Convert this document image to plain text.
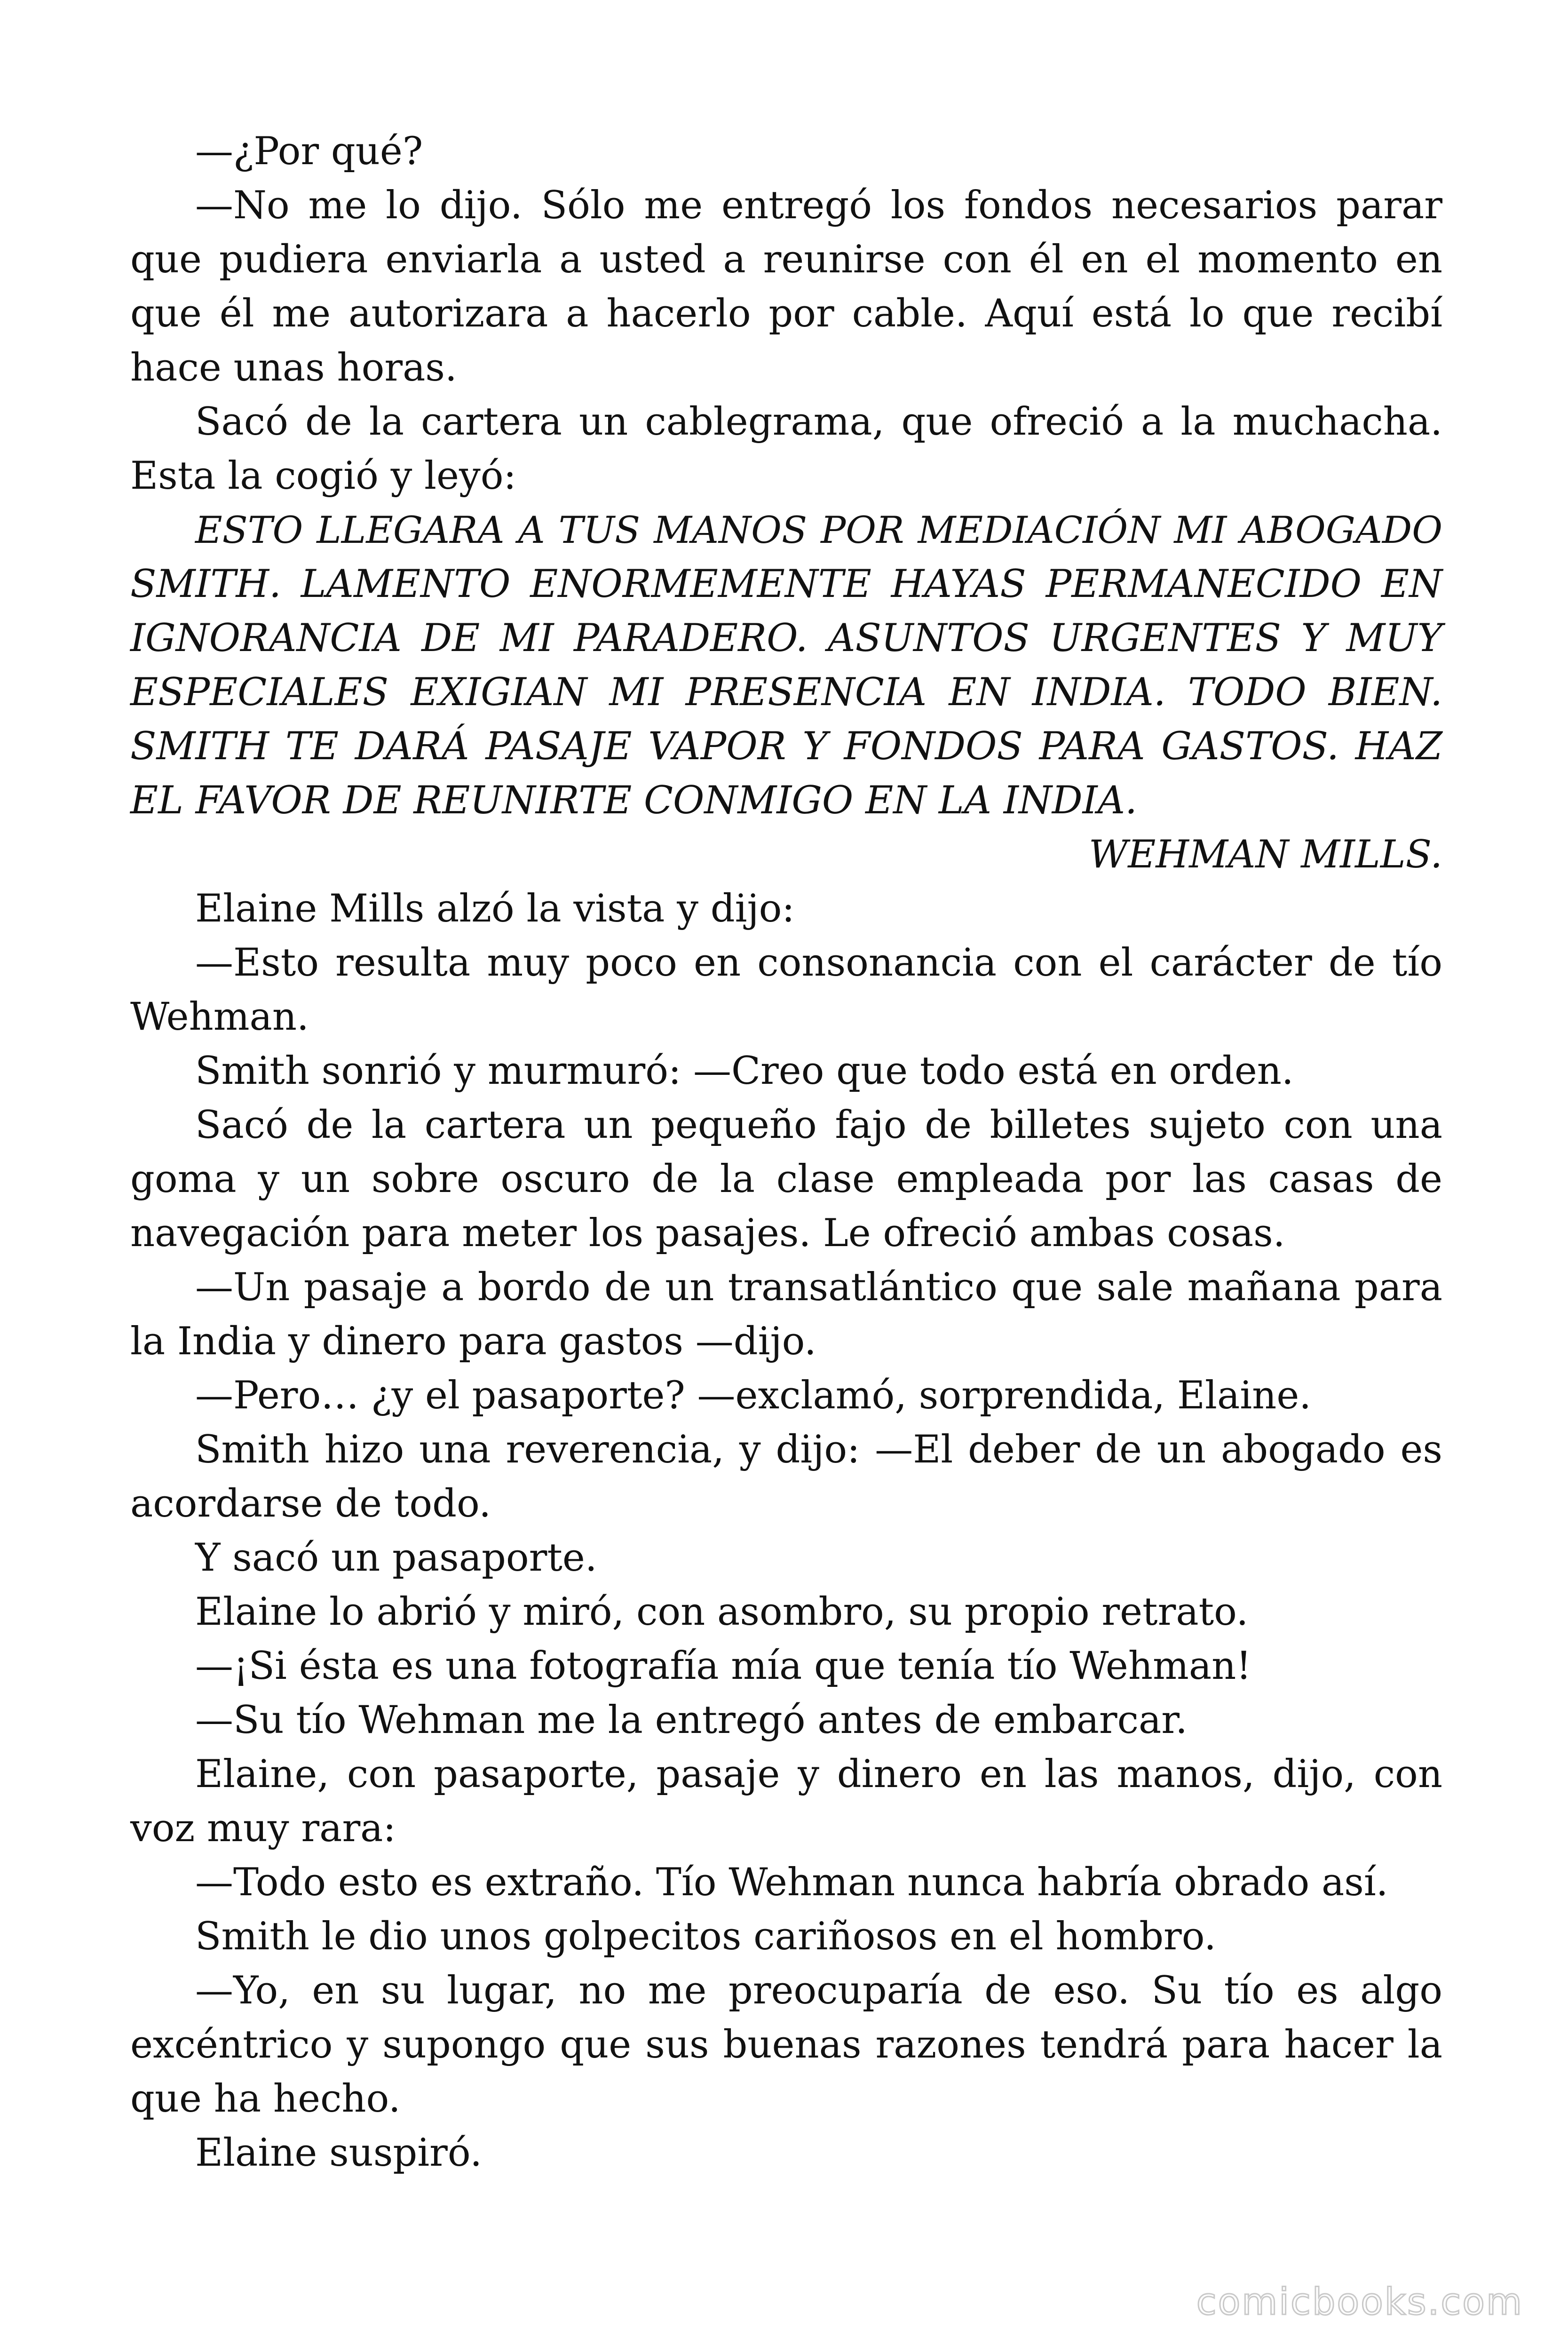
—¿Por qué?
—No me lo dijo. Sólo me entregó los fondos necesarios parar
que pudiera enviarla a usted a reunirse con él en el momento en
que él me autorizara a hacerlo por cable. Aquí está lo que recibí
hace unas horas.
Sacó de la cartera un cablegrama, que ofreció a la muchacha.
Esta la cogió y leyó:
ESTO LLEGARA A TUS MANOS POR MEDIACIÓN MI ABOGADO
SMITH. LAMENTO ENORMEMENTE HAYAS PERMANECIDO EN
IGNORANCIA DE MI PARADERO. ASUNTOS URGENTES Y MUY
ESPECIALES EXIGIAN MI PRESENCIA EN INDIA. TODO BIEN.
SMITH TE DARÁ PASAJE VAPOR Y FONDOS PARA GASTOS. HAZ
EL FAVOR DE REUNIRTE CONMIGO EN LA INDIA.
WEHMAN MILLS.
Elaine Mills alzó la vista y dijo:
—Esto resulta muy poco en consonancia con el carácter de tío
Wehman.
Smith sonrió y murmuró: —Creo que todo está en orden.
Sacó de la cartera un pequeño fajo de billetes sujeto con una
goma y un sobre oscuro de la clase empleada por las casas de
navegación para meter los pasajes. Le ofreció ambas cosas.
—Un pasaje a bordo de un transatlántico que sale mañana para
la India y dinero para gastos —dijo.
—Pero… ¿y el pasaporte? —exclamó, sorprendida, Elaine.
Smith hizo una reverencia, y dijo: —El deber de un abogado es
acordarse de todo.
Y sacó un pasaporte.
Elaine lo abrió y miró, con asombro, su propio retrato.
—¡Si ésta es una fotografía mía que tenía tío Wehman!
—Su tío Wehman me la entregó antes de embarcar.
Elaine, con pasaporte, pasaje y dinero en las manos, dijo, con
voz muy rara:
—Todo esto es extraño. Tío Wehman nunca habría obrado así.
Smith le dio unos golpecitos cariñosos en el hombro.
—Yo, en su lugar, no me preocuparía de eso. Su tío es algo
excéntrico y supongo que sus buenas razones tendrá para hacer la
que ha hecho.
Elaine suspiró.
comicbooks.com
